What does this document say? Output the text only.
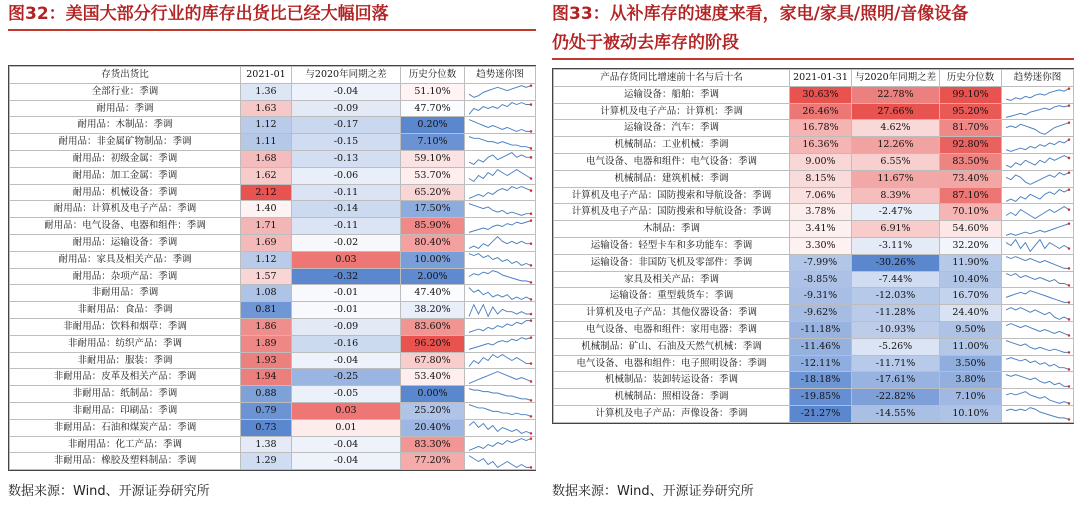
图32：美国大部分行业的库存出货比已经大幅回落
存货出货比	2021-01	与2020年同期之差	历史分位数	趋势迷你图
全部行业：季调	1.36	-0.04	51.10%	

耐用品：季调	1.63	-0.09	47.70%	

耐用品：木制品：季调	1.12	-0.17	0.20%	

耐用品：非金属矿物制品：季调	1.11	-0.15	7.10%	

耐用品：初级金属：季调	1.68	-0.13	59.10%	

耐用品：加工金属：季调	1.62	-0.06	53.70%	

耐用品：机械设备：季调	2.12	-0.11	65.20%	

耐用品：计算机及电子产品：季调	1.40	-0.14	17.50%	

耐用品：电气设备、电器和组件：季调	1.71	-0.11	85.90%	

耐用品：运输设备：季调	1.69	-0.02	80.40%	

耐用品：家具及相关产品：季调	1.12	0.03	10.00%	

耐用品：杂项产品：季调	1.57	-0.32	2.00%	

非耐用品：季调	1.08	-0.01	47.40%	

非耐用品：食品：季调	0.81	-0.01	38.20%	

非耐用品：饮料和烟草：季调	1.86	-0.09	83.60%	

非耐用品：纺织产品：季调	1.89	-0.16	96.20%	

非耐用品：服装：季调	1.93	-0.04	67.80%	

非耐用品：皮革及相关产品：季调	1.94	-0.25	53.40%	

非耐用品：纸制品：季调	0.88	-0.05	0.00%	

非耐用品：印刷品：季调	0.79	0.03	25.20%	

非耐用品：石油和煤炭产品：季调	0.73	0.01	20.40%	

非耐用品：化工产品：季调	1.38	-0.04	83.30%	

非耐用品：橡胶及塑料制品：季调	1.29	-0.04	77.20%	
数据来源：Wind、开源证券研究所
图33：从补库存的速度来看，家电/家具/照明/音像设备
仍处于被动去库存的阶段
产品存货同比增速前十名与后十名	2021-01-31	与2020年同期之差	历史分位数	趋势迷你图
运输设备：船舶：季调	30.63%	22.78%	99.10%	

计算机及电子产品：计算机：季调	26.46%	27.66%	95.20%	

运输设备：汽车：季调	16.78%	4.62%	81.70%	

机械制品：工业机械：季调	16.36%	12.26%	92.80%	

电气设备、电器和组件：电气设备：季调	9.00%	6.55%	83.50%	

机械制品：建筑机械：季调	8.15%	11.67%	73.40%	

计算机及电子产品：国防搜索和导航设备：季调	7.06%	8.39%	87.10%	

计算机及电子产品：国防搜索和导航设备：季调	3.78%	-2.47%	70.10%	

木制品：季调	3.41%	6.91%	54.60%	

运输设备：轻型卡车和多功能车：季调	3.30%	-3.11%	32.20%	

运输设备：非国防飞机及零部件：季调	-7.99%	-30.26%	11.90%	

家具及相关产品：季调	-8.85%	-7.44%	10.40%	

运输设备：重型载货车：季调	-9.31%	-12.03%	16.70%	

计算机及电子产品：其他仪器设备：季调	-9.62%	-11.28%	24.40%	

电气设备、电器和组件：家用电器：季调	-11.18%	-10.93%	9.50%	

机械制品：矿山、石油及天然气机械：季调	-11.46%	-5.26%	11.00%	

电气设备、电器和组件：电子照明设备：季调	-12.11%	-11.71%	3.50%	

机械制品：装卸转运设备：季调	-18.18%	-17.61%	3.80%	

机械制品：照相设备：季调	-19.85%	-22.82%	7.10%	

计算机及电子产品：声像设备：季调	-21.27%	-14.55%	10.10%	
数据来源：Wind、开源证券研究所
